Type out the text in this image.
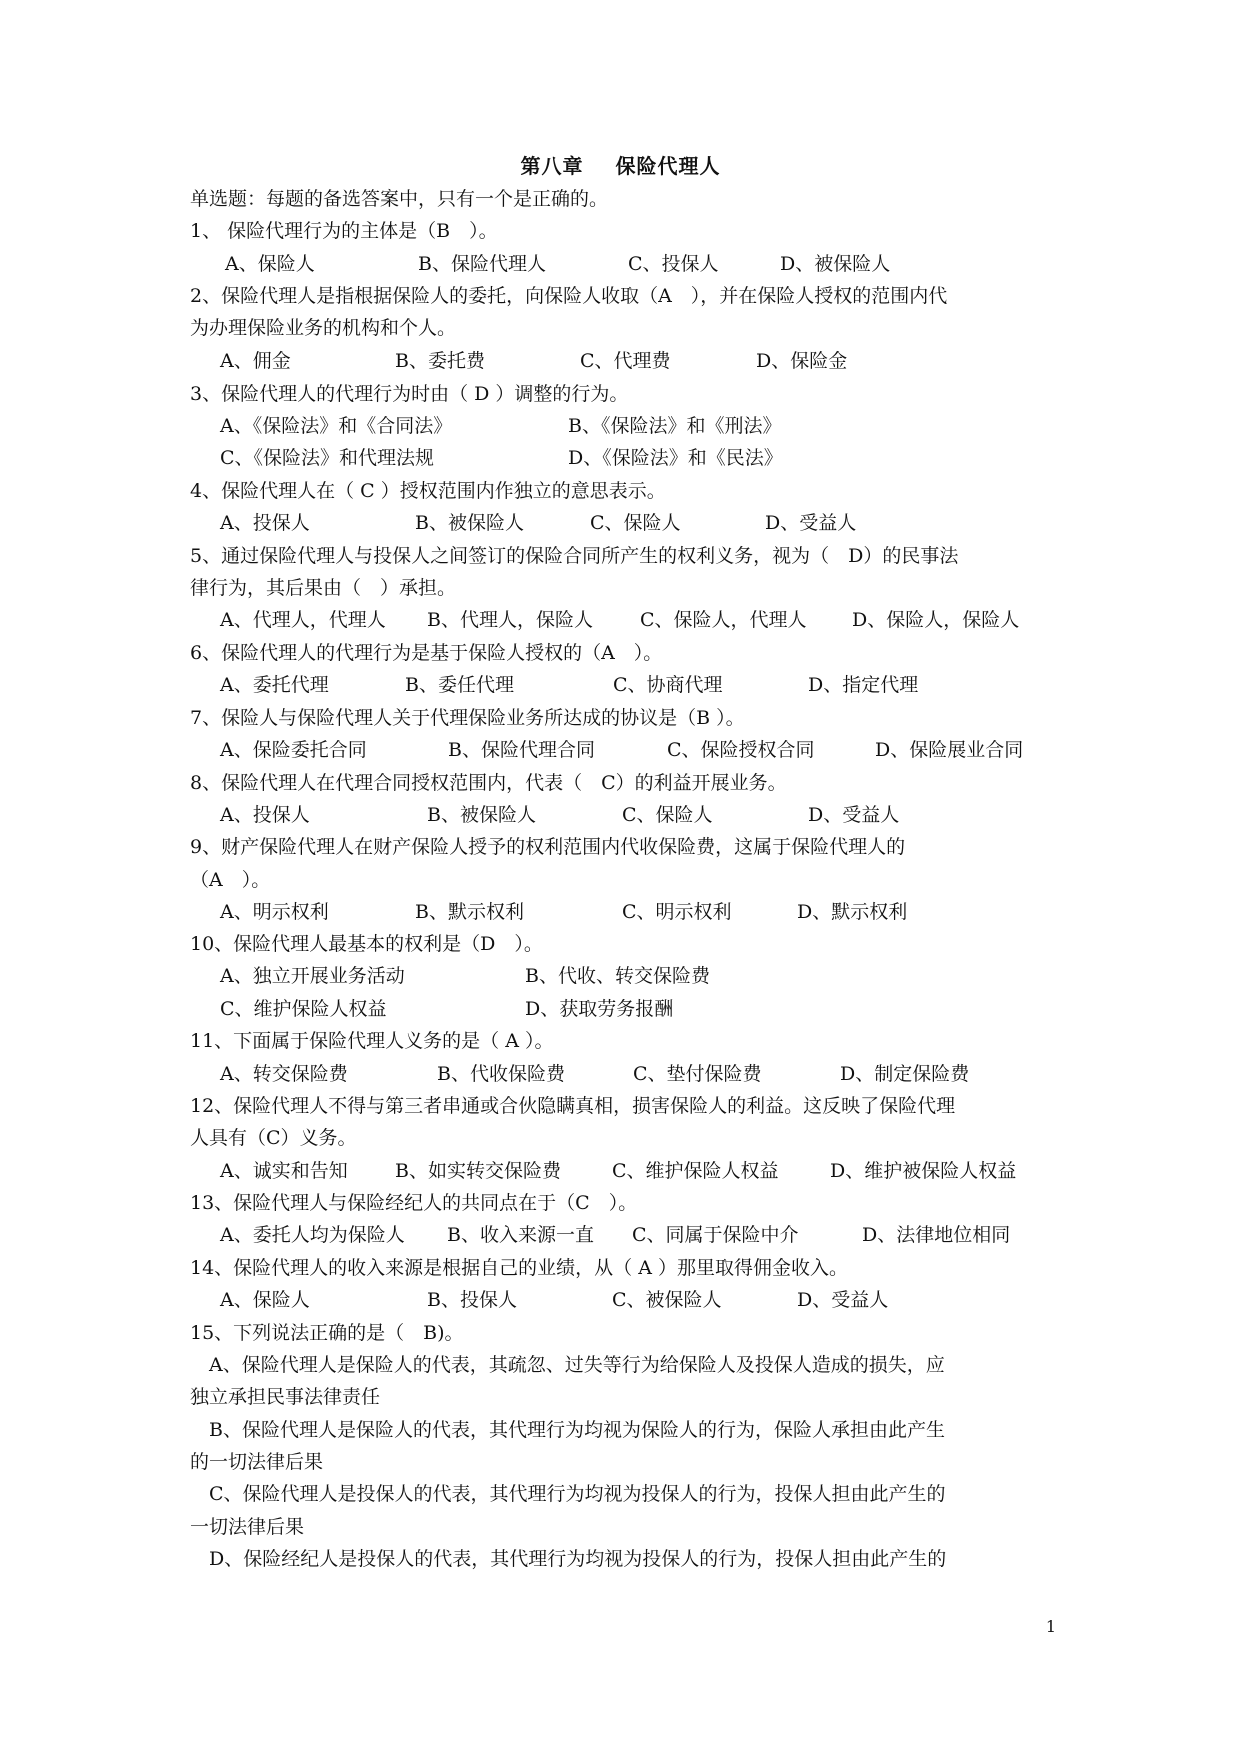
第八章 保险代理人
单选题：每题的备选答案中，只有一个是正确的。
1、 保险代理行为的主体是（B　）。
A、保险人	B、保险代理人	C、投保人	D、被保险人
2、保险代理人是指根据保险人的委托，向保险人收取（A　），并在保险人授权的范围内代
为办理保险业务的机构和个人。
A、佣金	B、委托费	C、代理费	D、保险金
3、保险代理人的代理行为时由（ D ）调整的行为。
A、《保险法》和《合同法》	B、《保险法》和《刑法》
C、《保险法》和代理法规	D、《保险法》和《民法》
4、保险代理人在（ C ）授权范围内作独立的意思表示。
A、投保人	B、被保险人	C、保险人	D、受益人
5、通过保险代理人与投保人之间签订的保险合同所产生的权利义务，视为（　D）的民事法
律行为，其后果由（　）承担。
A、代理人，代理人 B、代理人，保险人 C、保险人，代理人 D、保险人，保险人
6、保险代理人的代理行为是基于保险人授权的（A　）。
A、委托代理	B、委任代理	C、协商代理	D、指定代理
7、保险人与保险代理人关于代理保险业务所达成的协议是（B ）。
A、保险委托合同	B、保险代理合同	C、保险授权合同	D、保险展业合同
8、保险代理人在代理合同授权范围内，代表（　C）的利益开展业务。
A、投保人	B、被保险人	C、保险人	D、受益人
9、财产保险代理人在财产保险人授予的权利范围内代收保险费，这属于保险代理人的
（A　）。
A、明示权利	B、默示权利	C、明示权利	D、默示权利
10、保险代理人最基本的权利是（D　）。
A、独立开展业务活动	B、代收、转交保险费
C、维护保险人权益	D、获取劳务报酬
11、下面属于保险代理人义务的是（ A ）。
A、转交保险费	B、代收保险费	C、垫付保险费	D、制定保险费
12、保险代理人不得与第三者串通或合伙隐瞒真相，损害保险人的利益。这反映了保险代理
人具有（C）义务。
A、诚实和告知 B、如实转交保险费	C、维护保险人权益	D、维护被保险人权益
13、保险代理人与保险经纪人的共同点在于（C　）。
A、委托人均为保险人 B、收入来源一直 C、同属于保险中介	D、法律地位相同
14、保险代理人的收入来源是根据自己的业绩，从（ A ）那里取得佣金收入。
A、保险人	B、投保人	C、被保险人	D、受益人
15、下列说法正确的是（　B)。
　A、保险代理人是保险人的代表，其疏忽、过失等行为给保险人及投保人造成的损失，应
独立承担民事法律责任
　B、保险代理人是保险人的代表，其代理行为均视为保险人的行为，保险人承担由此产生
的一切法律后果
　C、保险代理人是投保人的代表，其代理行为均视为投保人的行为，投保人担由此产生的
一切法律后果
　D、保险经纪人是投保人的代表，其代理行为均视为投保人的行为，投保人担由此产生的
1
